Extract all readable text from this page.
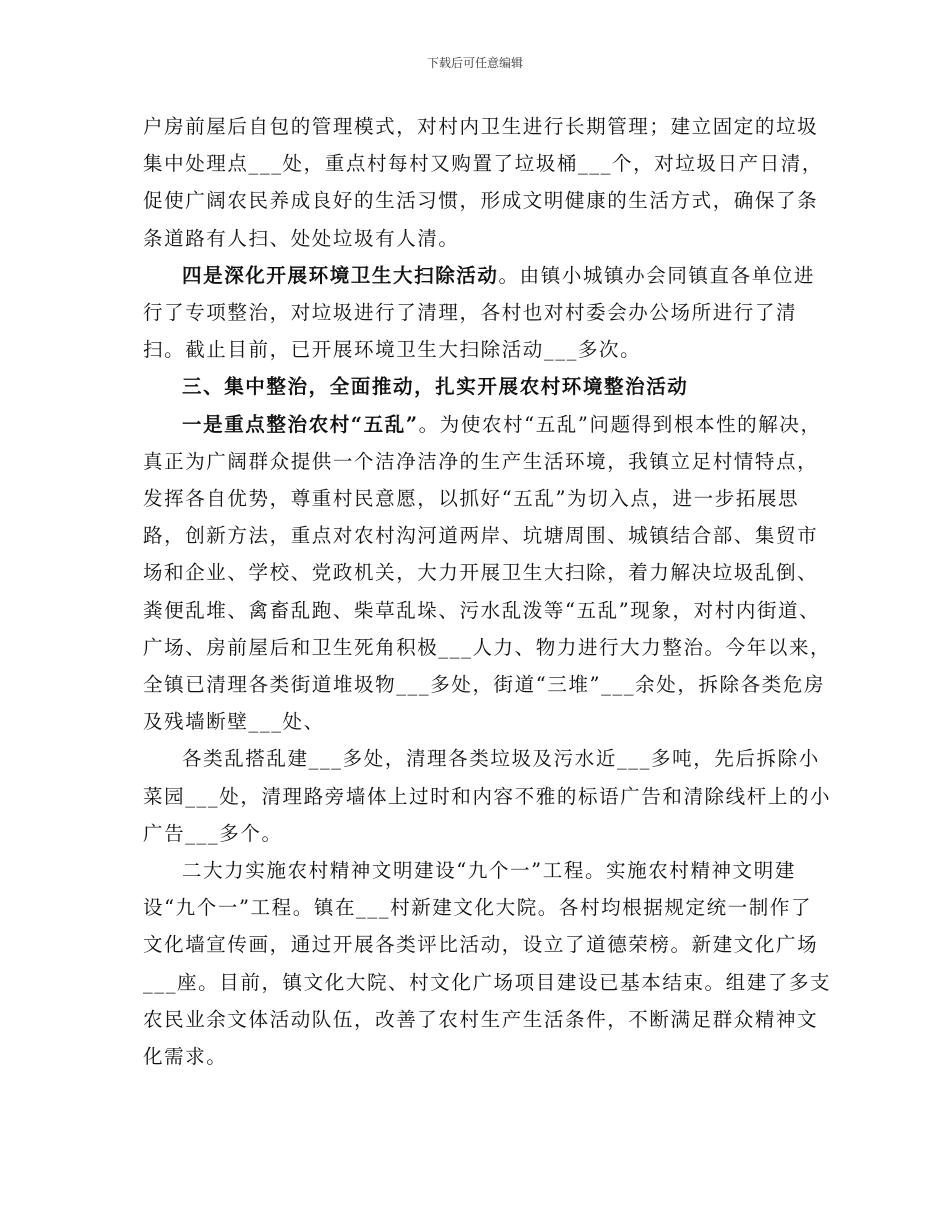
下载后可任意编辑

户房前屋后自包的管理模式，对村内卫生进行长期管理；建立固定的垃圾集中处理点___处，重点村每村又购置了垃圾桶___个，对垃圾日产日清，促使广阔农民养成良好的生活习惯，形成文明健康的生活方式，确保了条条道路有人扫、处处垃圾有人清。

四是深化开展环境卫生大扫除活动。由镇小城镇办会同镇直各单位进行了专项整治，对垃圾进行了清理，各村也对村委会办公场所进行了清扫。截止目前，已开展环境卫生大扫除活动___多次。

三、集中整治，全面推动，扎实开展农村环境整治活动

一是重点整治农村“五乱”。为使农村“五乱”问题得到根本性的解决，真正为广阔群众提供一个洁净洁净的生产生活环境，我镇立足村情特点，发挥各自优势，尊重村民意愿，以抓好“五乱”为切入点，进一步拓展思路，创新方法，重点对农村沟河道两岸、坑塘周围、城镇结合部、集贸市场和企业、学校、党政机关，大力开展卫生大扫除，着力解决垃圾乱倒、粪便乱堆、禽畜乱跑、柴草乱垛、污水乱泼等“五乱”现象，对村内街道、广场、房前屋后和卫生死角积极___人力、物力进行大力整治。今年以来，全镇已清理各类街道堆圾物___多处，街道“三堆”___余处，拆除各类危房及残墙断壁___处、

各类乱搭乱建___多处，清理各类垃圾及污水近___多吨，先后拆除小菜园___处，清理路旁墙体上过时和内容不雅的标语广告和清除线杆上的小广告___多个。

二大力实施农村精神文明建设“九个一”工程。实施农村精神文明建设“九个一”工程。镇在___村新建文化大院。各村均根据规定统一制作了文化墙宣传画，通过开展各类评比活动，设立了道德荣榜。新建文化广场___座。目前，镇文化大院、村文化广场项目建设已基本结束。组建了多支农民业余文体活动队伍，改善了农村生产生活条件，不断满足群众精神文化需求。
